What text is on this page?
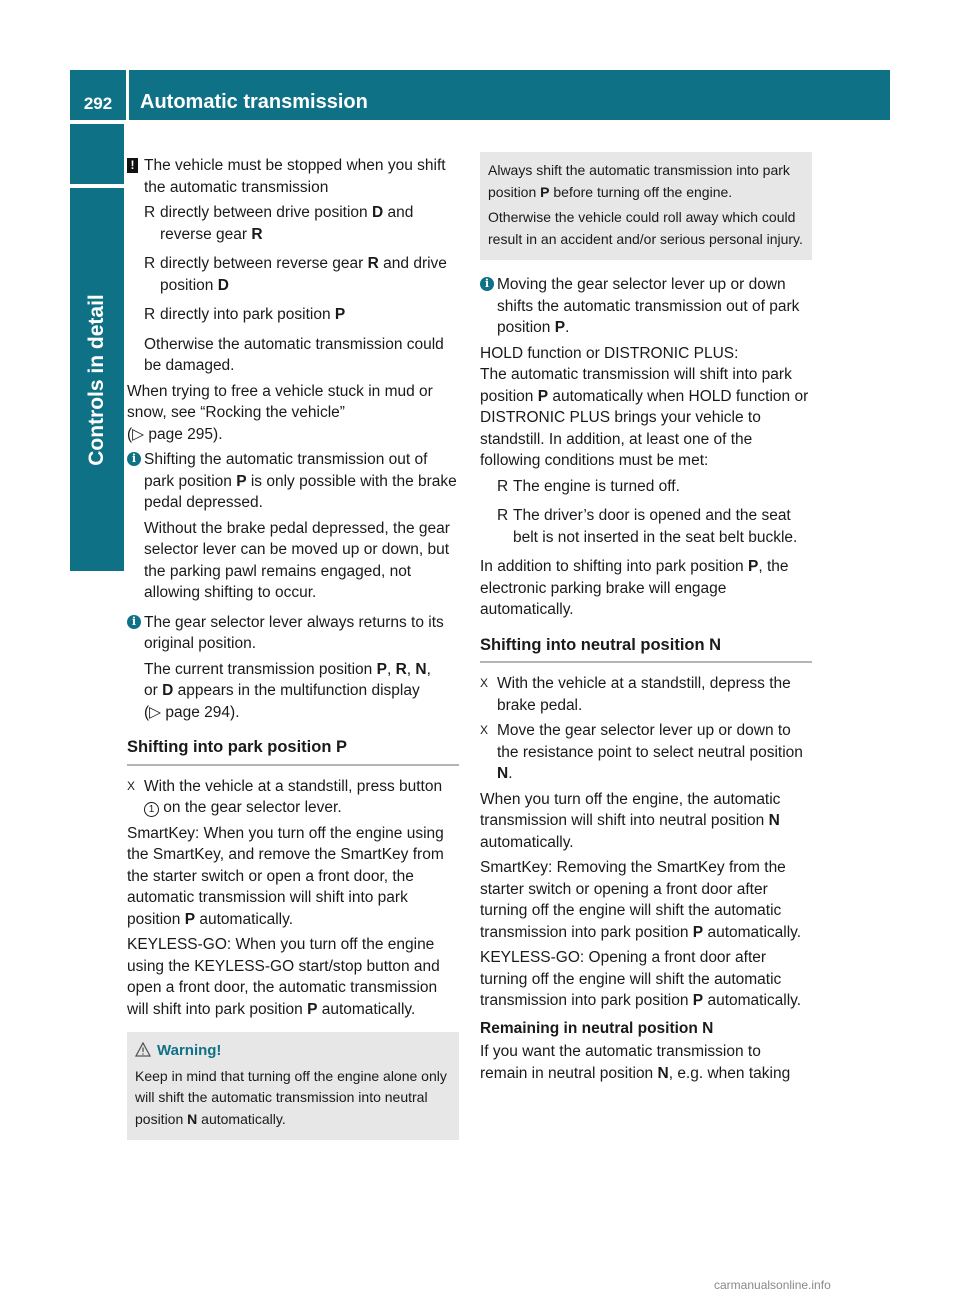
292	Automatic transmission
Controls in detail
! The vehicle must be stopped when you shift the automatic transmission

R directly between drive position D and reverse gear R
R directly between reverse gear R and drive position D
R directly into park position P

Otherwise the automatic transmission could be damaged.

When trying to free a vehicle stuck in mud or snow, see “Rocking the vehicle”
(▷ page 295).

i Shifting the automatic transmission out of park position P is only possible with the brake pedal depressed.

Without the brake pedal depressed, the gear selector lever can be moved up or down, but the parking pawl remains engaged, not allowing shifting to occur.

i The gear selector lever always returns to its original position.

The current transmission position P, R, N,
or D appears in the multifunction display
(▷ page 294).

Shifting into park position P
X With the vehicle at a standstill, press button 1 on the gear selector lever.

SmartKey: When you turn off the engine using the SmartKey, and remove the SmartKey from the starter switch or open a front door, the automatic transmission will shift into park position P automatically.

KEYLESS-GO: When you turn off the engine using the KEYLESS-GO start/stop button and open a front door, the automatic transmission will shift into park position P automatically.

Warning!

Keep in mind that turning off the engine alone only will shift the automatic transmission into neutral position N automatically.

Always shift the automatic transmission into park position P before turning off the engine.

Otherwise the vehicle could roll away which could result in an accident and/or serious personal injury.

i Moving the gear selector lever up or down shifts the automatic transmission out of park position P.

HOLD function or DISTRONIC PLUS:

The automatic transmission will shift into park position P automatically when HOLD function or DISTRONIC PLUS brings your vehicle to standstill. In addition, at least one of the following conditions must be met:

R The engine is turned off.
R The driver’s door is opened and the seat belt is not inserted in the seat belt buckle.

In addition to shifting into park position P, the electronic parking brake will engage automatically.

Shifting into neutral position N
X With the vehicle at a standstill, depress the brake pedal.
X Move the gear selector lever up or down to the resistance point to select neutral position N.

When you turn off the engine, the automatic transmission will shift into neutral position N automatically.

SmartKey: Removing the SmartKey from the starter switch or opening a front door after turning off the engine will shift the automatic transmission into park position P automatically.

KEYLESS-GO: Opening a front door after turning off the engine will shift the automatic transmission into park position P automatically.

Remaining in neutral position N

If you want the automatic transmission to remain in neutral position N, e.g. when taking

carmanualsonline.info
